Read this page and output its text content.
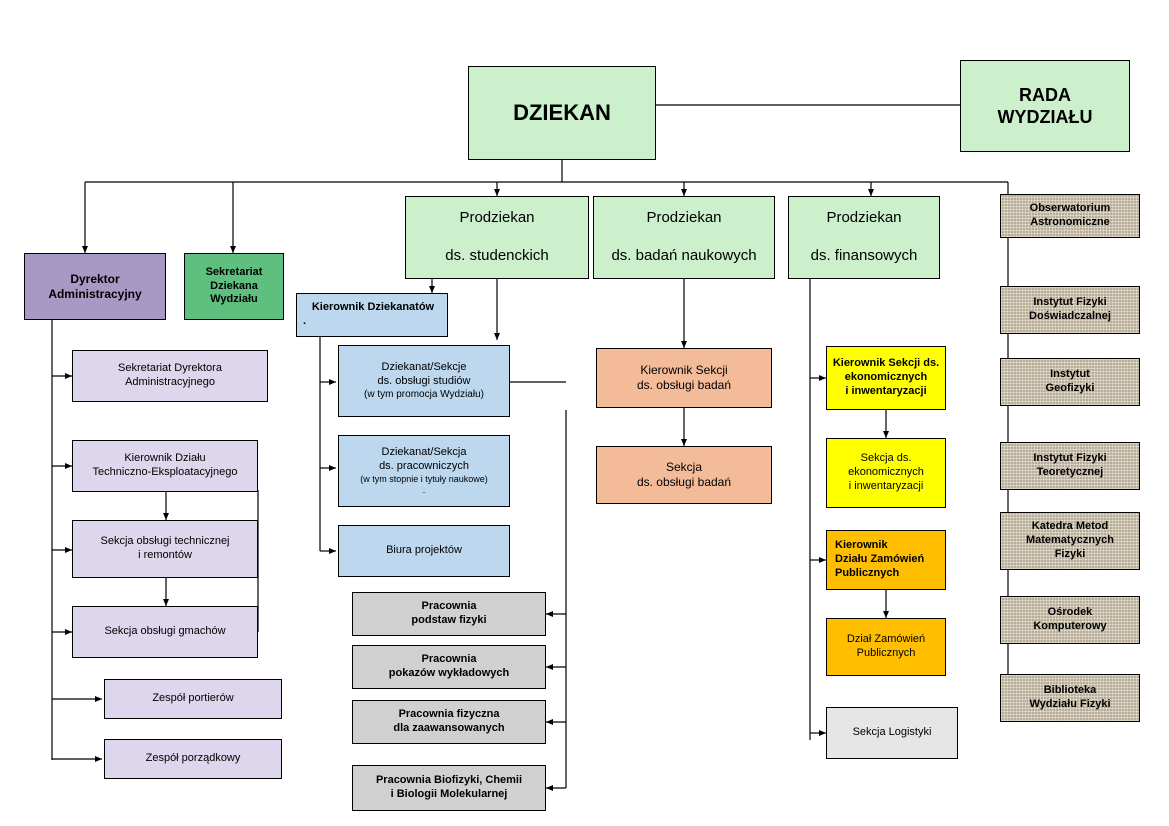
DZIEKAN
RADA
WYDZIAŁU
Prodziekan
ds. studenckich
Prodziekan
ds. badań naukowych
Prodziekan
ds. finansowych
Dyrektor
Administracyjny
Sekretariat
Dziekana
Wydziału
Kierownik Dziekanatów
.
Sekretariat Dyrektora
Administracyjnego
Kierownik Działu
Techniczno-Eksploatacyjnego
Sekcja obsługi technicznej
i remontów
Sekcja obsługi gmachów
Zespół portierów
Zespół porządkowy
Dziekanat/Sekcje
ds. obsługi studiów
(w tym promocja Wydziału)
Dziekanat/Sekcja
ds. pracowniczych
(w tym stopnie i tytuły naukowe)
.
Biura projektów
Pracownia
podstaw fizyki
Pracownia
pokazów wykładowych
Pracownia fizyczna
dla zaawansowanych
Pracownia Biofizyki, Chemii
i Biologii Molekularnej
Kierownik Sekcji
ds. obsługi badań
Sekcja
ds. obsługi badań
Kierownik Sekcji ds.
ekonomicznych
i inwentaryzacji
Sekcja ds.
ekonomicznych
i inwentaryzacji
Kierownik
Działu Zamówień
Publicznych
Dział Zamówień
Publicznych
Sekcja Logistyki
Obserwatorium
Astronomiczne
Instytut Fizyki
Doświadczalnej
Instytut
Geofizyki
Instytut Fizyki
Teoretycznej
Katedra Metod
Matematycznych
Fizyki
Ośrodek
Komputerowy
Biblioteka
Wydziału Fizyki
